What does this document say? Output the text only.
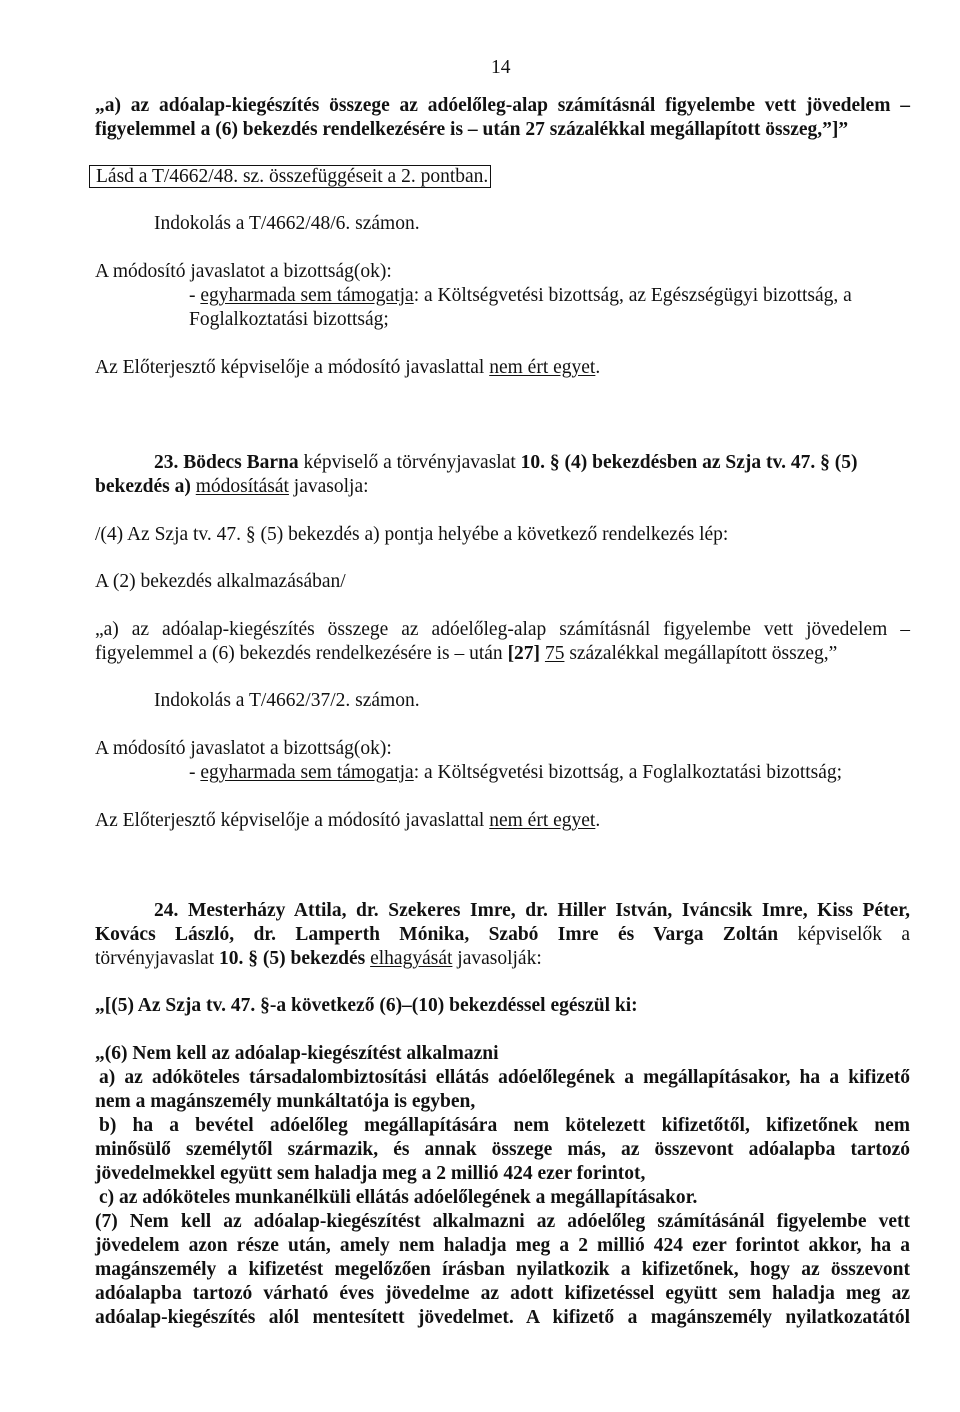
14
„a) az adóalap-kiegészítés összege az adóelőleg-alap számításnál figyelembe vett jövedelem –
figyelemmel a (6) bekezdés rendelkezésére is – után 27 százalékkal megállapított összeg,”]”
Lásd a T/4662/48. sz. összefüggéseit a 2. pontban.
Indokolás a T/4662/48/6. számon.
A módosító javaslatot a bizottság(ok):
- egyharmada sem támogatja: a Költségvetési bizottság, az Egészségügyi bizottság, a
Foglalkoztatási bizottság;
Az Előterjesztő képviselője a módosító javaslattal nem ért egyet.
23. Bödecs Barna képviselő a törvényjavaslat 10. § (4) bekezdésben az Szja tv. 47. § (5)
bekezdés a) módosítását javasolja:
/(4) Az Szja tv. 47. § (5) bekezdés a) pontja helyébe a következő rendelkezés lép:
A (2) bekezdés alkalmazásában/
„a) az adóalap-kiegészítés összege az adóelőleg-alap számításnál figyelembe vett jövedelem –
figyelemmel a (6) bekezdés rendelkezésére is – után [27] 75 százalékkal megállapított összeg,”
Indokolás a T/4662/37/2. számon.
A módosító javaslatot a bizottság(ok):
- egyharmada sem támogatja: a Költségvetési bizottság, a Foglalkoztatási bizottság;
Az Előterjesztő képviselője a módosító javaslattal nem ért egyet.
24. Mesterházy Attila, dr. Szekeres Imre, dr. Hiller István, Iváncsik Imre, Kiss Péter,
Kovács László, dr. Lamperth Mónika, Szabó Imre és Varga Zoltán képviselők a
törvényjavaslat 10. § (5) bekezdés elhagyását javasolják:
„[(5) Az Szja tv. 47. §-a következő (6)–(10) bekezdéssel egészül ki:
„(6) Nem kell az adóalap-kiegészítést alkalmazni
a) az adóköteles társadalombiztosítási ellátás adóelőlegének a megállapításakor, ha a kifizető
nem a magánszemély munkáltatója is egyben,
b) ha a bevétel adóelőleg megállapítására nem kötelezett kifizetőtől, kifizetőnek nem
minősülő személytől származik, és annak összege más, az összevont adóalapba tartozó
jövedelmekkel együtt sem haladja meg a 2 millió 424 ezer forintot,
c) az adóköteles munkanélküli ellátás adóelőlegének a megállapításakor.
(7) Nem kell az adóalap-kiegészítést alkalmazni az adóelőleg számításánál figyelembe vett
jövedelem azon része után, amely nem haladja meg a 2 millió 424 ezer forintot akkor, ha a
magánszemély a kifizetést megelőzően írásban nyilatkozik a kifizetőnek, hogy az összevont
adóalapba tartozó várható éves jövedelme az adott kifizetéssel együtt sem haladja meg az
adóalap-kiegészítés alól mentesített jövedelmet. A kifizető a magánszemély nyilatkozatától
